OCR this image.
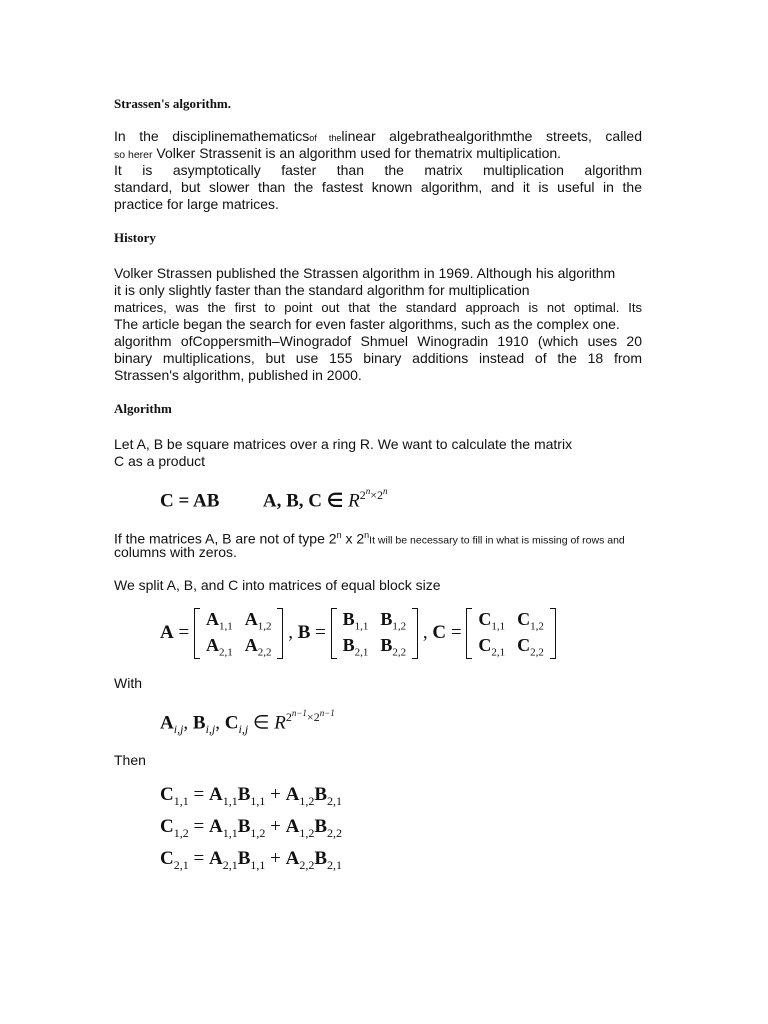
Strassen's algorithm.
In the disciplinemathematicsof thelinear algebrathealgorithmthe streets, called
so herer Volker Strassenit is an algorithm used for thematrix multiplication.
It is asymptotically faster than the matrix multiplication algorithm
standard, but slower than the fastest known algorithm, and it is useful in the
practice for large matrices.
History
Volker Strassen published the Strassen algorithm in 1969. Although his algorithm
it is only slightly faster than the standard algorithm for multiplication
matrices, was the first to point out that the standard approach is not optimal. Its
The article began the search for even faster algorithms, such as the complex one.
algorithm ofCoppersmith–Winogradof Shmuel Winogradin 1910 (which uses 20
binary multiplications, but use 155 binary additions instead of the 18 from
Strassen's algorithm, published in 2000.
Algorithm
Let A, B be square matrices over a ring R. We want to calculate the matrix
C as a product
C = AB A, B, C ∈ $R^{2^n\times 2^n}$
If the matrices A, B are not of type 2$^n$ x 2$^n$It will be necessary to fill in what is missing of rows and
columns with zeros.
We split A, B, and C into matrices of equal block size
A =
$A_{1,1}$	$A_{1,2}$
$A_{2,1}$	$A_{2,2}$
, B =
$B_{1,1}$	$B_{1,2}$
$B_{2,1}$	$B_{2,2}$
, C =
$C_{1,1}$	$C_{1,2}$
$C_{2,1}$	$C_{2,2}$
With
$A_{i,j}$, $B_{i,j}$, $C_{i,j}$ ∈ $R^{2^{n-1}\times 2^{n-1}}$
Then
$C_{1,1} = A_{1,1}B_{1,1} + A_{1,2}B_{2,1}$
$C_{1,2} = A_{1,1}B_{1,2} + A_{1,2}B_{2,2}$
$C_{2,1} = A_{2,1}B_{1,1} + A_{2,2}B_{2,1}$
